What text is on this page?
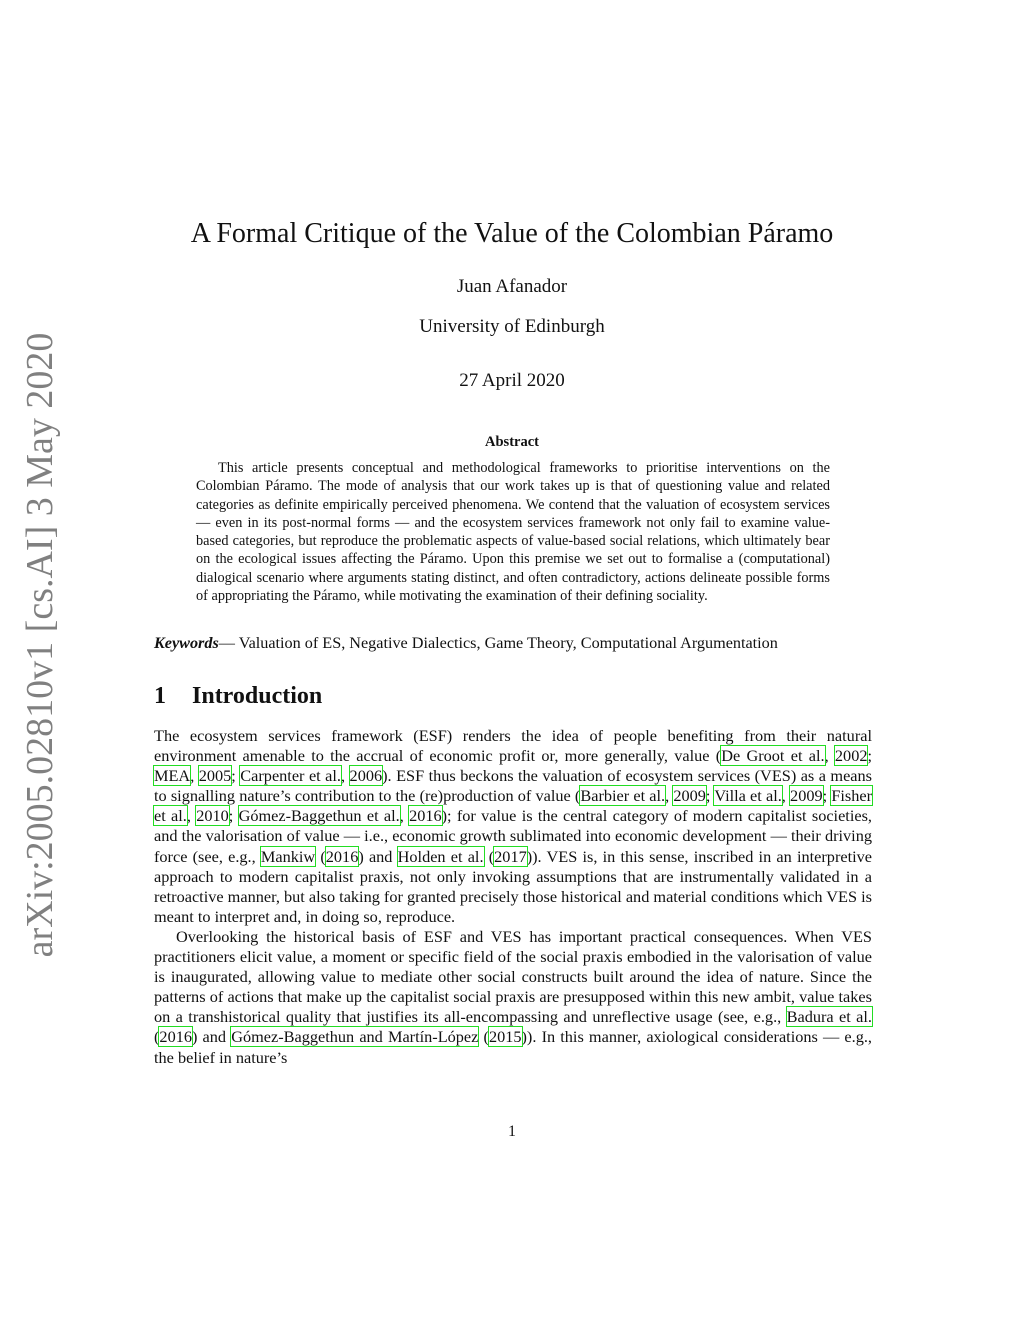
arXiv:2005.02810v1 [cs.AI] 3 May 2020
A Formal Critique of the Value of the Colombian Páramo
Juan Afanador
University of Edinburgh
27 April 2020
Abstract

This article presents conceptual and methodological frameworks to prioritise interventions on the Colombian Páramo. The mode of analysis that our work takes up is that of questioning value and related categories as definite empirically perceived phenomena. We contend that the valuation of ecosystem services — even in its post-normal forms — and the ecosystem services framework not only fail to examine value-based categories, but reproduce the problematic aspects of value-based social relations, which ultimately bear on the ecological issues affecting the Páramo. Upon this premise we set out to formalise a (computational) dialogical scenario where arguments stating distinct, and often contradictory, actions delineate possible forms of appropriating the Páramo, while motivating the examination of their defining sociality.

Keywords— Valuation of ES, Negative Dialectics, Game Theory, Computational Argumentation
1 Introduction

The ecosystem services framework (ESF) renders the idea of people benefiting from their natural environment amenable to the accrual of economic profit or, more generally, value (De Groot et al., 2002; MEA, 2005; Carpenter et al., 2006). ESF thus beckons the valuation of ecosystem services (VES) as a means to signalling nature’s contribution to the (re)production of value (Barbier et al., 2009; Villa et al., 2009; Fisher et al., 2010; Gómez-Baggethun et al., 2016); for value is the central category of modern capitalist societies, and the valorisation of value — i.e., economic growth sublimated into economic development — their driving force (see, e.g., Mankiw (2016) and Holden et al. (2017)). VES is, in this sense, inscribed in an interpretive approach to modern capitalist praxis, not only invoking assumptions that are instrumentally validated in a retroactive manner, but also taking for granted precisely those historical and material conditions which VES is meant to interpret and, in doing so, reproduce.

Overlooking the historical basis of ESF and VES has important practical consequences. When VES practitioners elicit value, a moment or specific field of the social praxis embodied in the valorisation of value is inaugurated, allowing value to mediate other social constructs built around the idea of nature. Since the patterns of actions that make up the capitalist social praxis are presupposed within this new ambit, value takes on a transhistorical quality that justifies its all-encompassing and unreflective usage (see, e.g., Badura et al. (2016) and Gómez-Baggethun and Martín-López (2015)). In this manner, axiological considerations — e.g., the belief in nature’s

1
